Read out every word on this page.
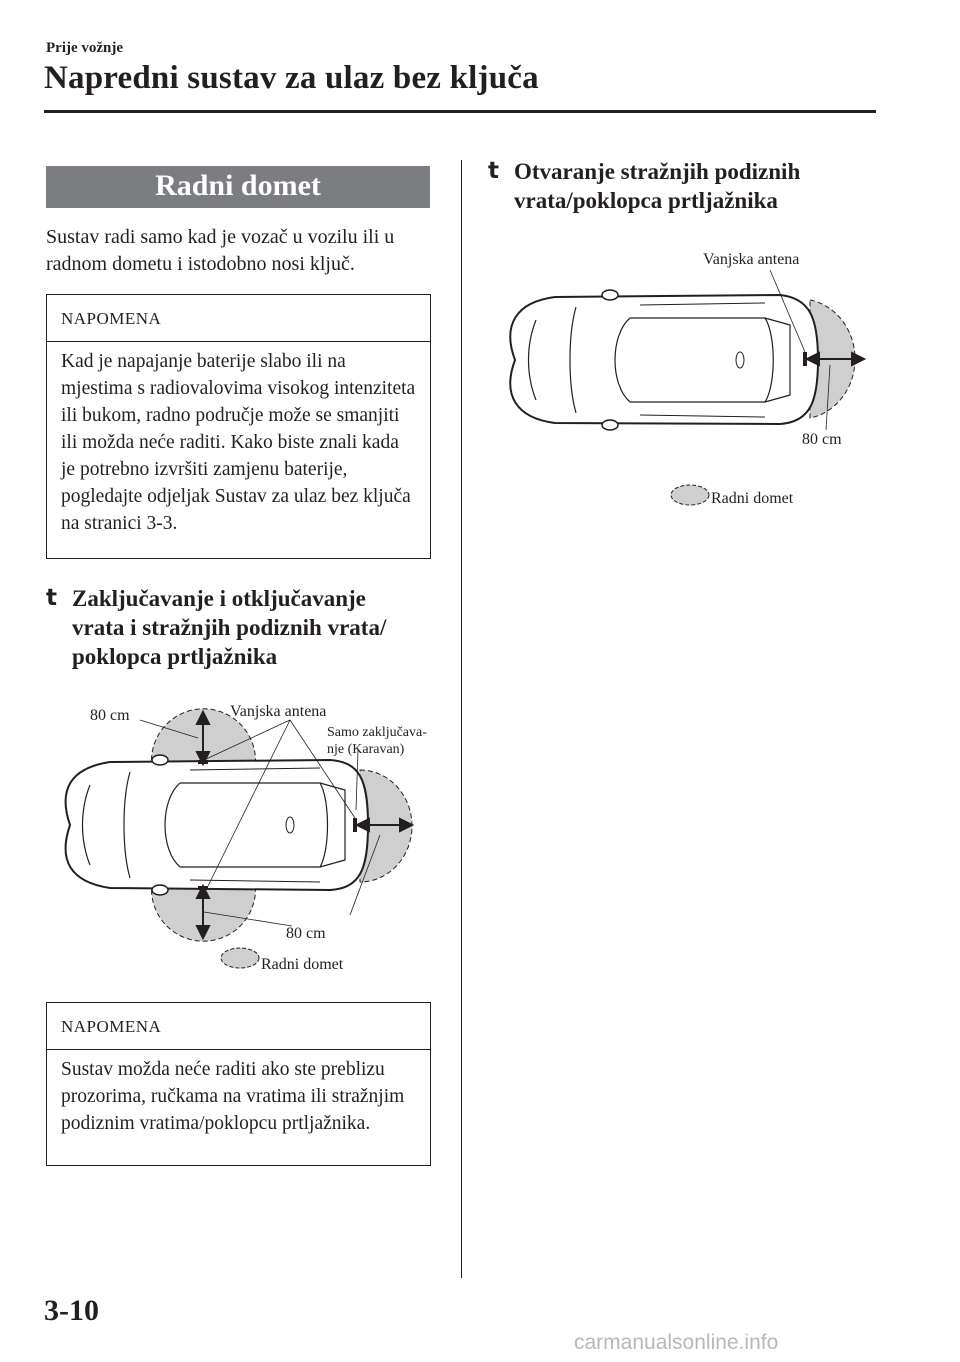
Prije vožnje
Napredni sustav za ulaz bez ključa
Radni domet
Sustav radi samo kad je vozač u vozilu ili u radnom dometu i istodobno nosi ključ.
NAPOMENA
Kad je napajanje baterije slabo ili na mjestima s radiovalovima visokog intenziteta ili bukom, radno područje može se smanjiti ili možda neće raditi. Kako biste znali kada je potrebno izvršiti zamjenu baterije, pogledajte odjeljak Sustav za ulaz bez ključa na stranici 3-3.
t Zaključavanje i otključavanje
vrata i stražnjih podiznih vrata/
poklopca prtljažnika
80 cm	Vanjska antena
Samo zaključava-
nje (Karavan)
80 cm
Radni domet
NAPOMENA
Sustav možda neće raditi ako ste preblizu prozorima, ručkama na vratima ili stražnjim podiznim vratima/poklopcu prtljažnika.
t Otvaranje stražnjih podiznih
vrata/poklopca prtljažnika
Vanjska antena
80 cm
Radni domet
3-10
carmanualsonline.info
